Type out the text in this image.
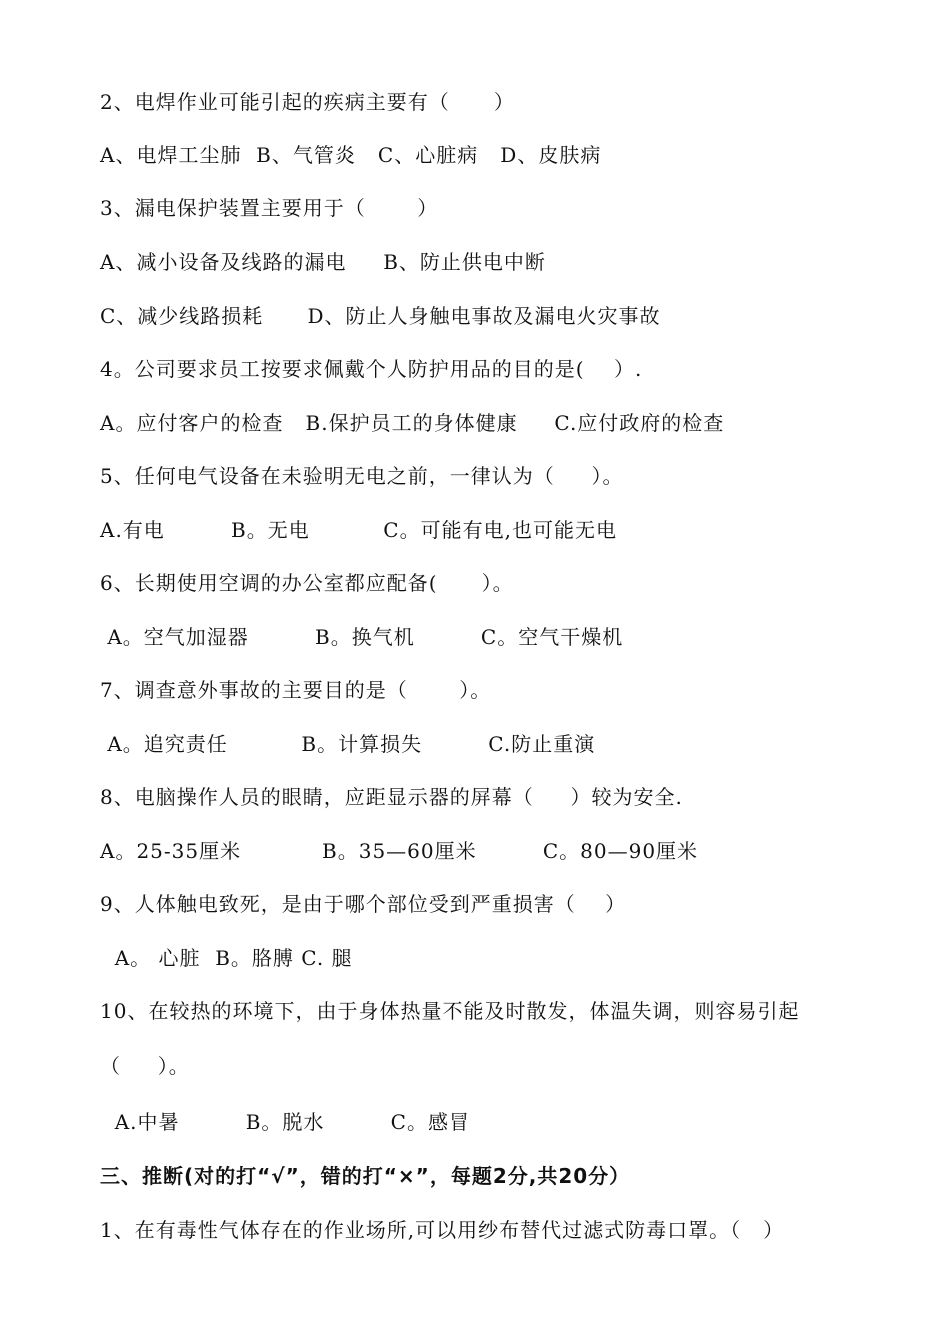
2、电焊作业可能引起的疾病主要有（      ）
A、电焊工尘肺  B、气管炎   C、心脏病   D、皮肤病
3、漏电保护装置主要用于（       ）
A、减小设备及线路的漏电     B、防止供电中断
C、减少线路损耗      D、防止人身触电事故及漏电火灾事故
4。公司要求员工按要求佩戴个人防护用品的目的是(    ）.
A。应付客户的检查   B.保护员工的身体健康     C.应付政府的检查
5、任何电气设备在未验明无电之前，一律认为（     ）。
A.有电         B。无电          C。可能有电,也可能无电
6、长期使用空调的办公室都应配备(      ）。
A。空气加湿器         B。换气机         C。空气干燥机
7、调查意外事故的主要目的是（       ）。
A。追究责任          B。计算损失         C.防止重演
8、电脑操作人员的眼睛，应距显示器的屏幕（     ）较为安全.
A。25-35厘米           B。35—60厘米         C。80—90厘米
9、人体触电致死，是由于哪个部位受到严重损害（    ）
A。 心脏  B。胳膊 C. 腿
10、在较热的环境下，由于身体热量不能及时散发，体温失调，则容易引起
（     ）。
A.中暑         B。脱水         C。感冒
三、推断(对的打“√”，错的打“×”，每题2分,共20分）
1、在有毒性气体存在的作业场所,可以用纱布替代过滤式防毒口罩。（   ）
